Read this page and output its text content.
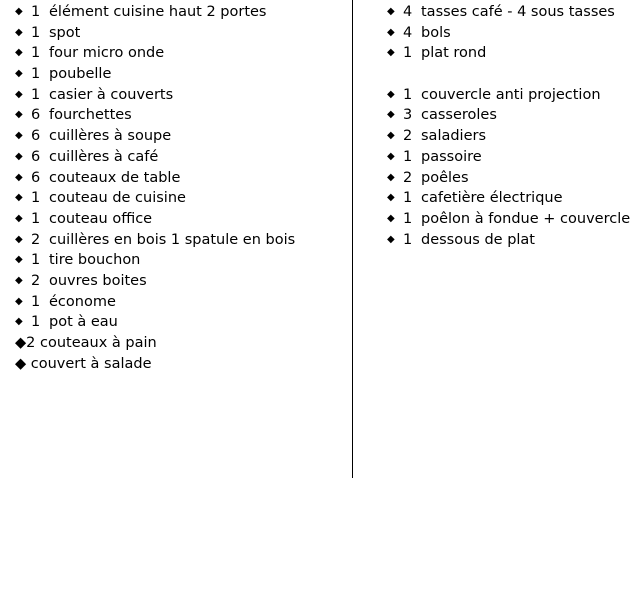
◆ 1 élément cuisine haut 2 portes
◆ 1 spot
◆ 1 four micro onde
◆ 1 poubelle
◆ 1 casier à couverts
◆ 6 fourchettes
◆ 6 cuillères à soupe
◆ 6 cuillères à café
◆ 6 couteaux de table
◆ 1 couteau de cuisine
◆ 1 couteau office
◆ 2 cuillères en bois 1 spatule en bois
◆ 1 tire bouchon
◆ 2 ouvres boites
◆ 1 économe
◆ 1 pot à eau
◆2 couteaux à pain
◆ couvert à salade
◆ 4 tasses café - 4 sous tasses
◆ 4 bols
◆ 1 plat rond
◆ 1 couvercle anti projection
◆ 3 casseroles
◆ 2 saladiers
◆ 1 passoire
◆ 2 poêles
◆ 1 cafetière électrique
◆ 1 poêlon à fondue + couvercle
◆ 1 dessous de plat
